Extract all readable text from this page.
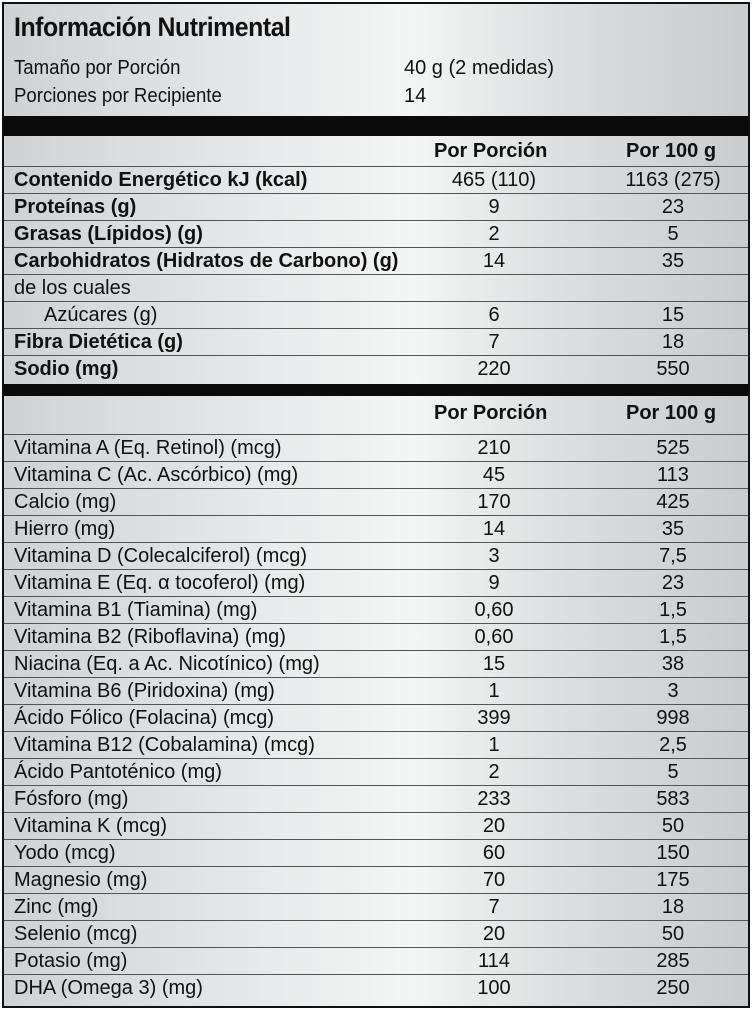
Información Nutrimental
Tamaño por Porción	40 g (2 medidas)
Porciones por Recipiente	14
Por Porción	Por 100 g
Contenido Energético kJ (kcal)	465 (110)	1163 (275)
Proteínas (g)	9	23
Grasas (Lípidos) (g)	2	5
Carbohidratos (Hidratos de Carbono) (g)	14	35
de los cuales
Azúcares (g)	6	15
Fibra Dietética (g)	7	18
Sodio (mg)	220	550
Por Porción	Por 100 g
Vitamina A (Eq. Retinol) (mcg)	210	525
Vitamina C (Ac. Ascórbico) (mg)	45	113
Calcio (mg)	170	425
Hierro (mg)	14	35
Vitamina D (Colecalciferol) (mcg)	3	7,5
Vitamina E (Eq. α tocoferol) (mg)	9	23
Vitamina B1 (Tiamina) (mg)	0,60	1,5
Vitamina B2 (Riboflavina) (mg)	0,60	1,5
Niacina (Eq. a Ac. Nicotínico) (mg)	15	38
Vitamina B6 (Piridoxina) (mg)	1	3
Ácido Fólico (Folacina) (mcg)	399	998
Vitamina B12 (Cobalamina) (mcg)	1	2,5
Ácido Pantoténico (mg)	2	5
Fósforo (mg)	233	583
Vitamina K (mcg)	20	50
Yodo (mcg)	60	150
Magnesio (mg)	70	175
Zinc (mg)	7	18
Selenio (mcg)	20	50
Potasio (mg)	114	285
DHA (Omega 3) (mg)	100	250
